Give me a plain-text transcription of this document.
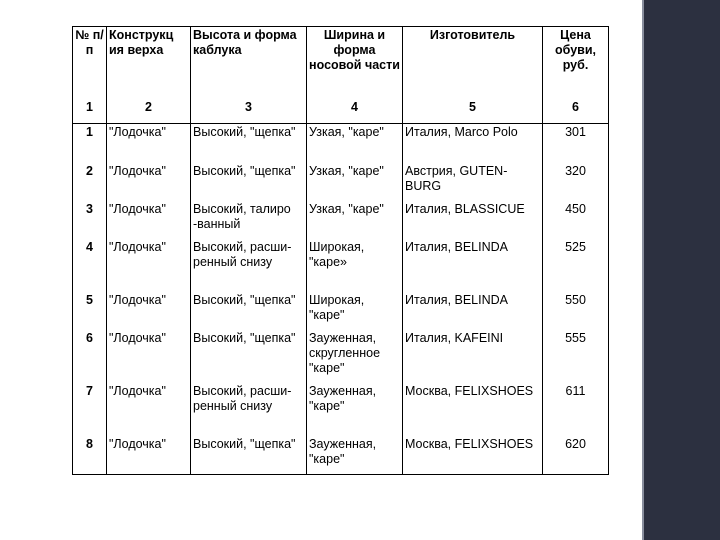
№ п/п	Конструкц ия верха	Высота и форма каблука	Ширина и форма носовой части	Изготовитель	Цена обуви, руб.
1	2	3	4	5	6
1	"Лодочка"	Высокий, "щепка"	Узкая, "каре"	Италия, Marco Polo	301
2	"Лодочка"	Высокий, "щепка"	Узкая, "каре"	Австрия, GUTEN-BURG	320
3	"Лодочка"	Высокий, талиро -ванный	Узкая, "каре"	Италия, BLASSICUE	450
4	"Лодочка"	Высокий, расши-ренный снизу	Широкая, "каре»	Италия, BELINDA	525
5	"Лодочка"	Высокий, "щепка"	Широкая, "каре"	Италия, BELINDA	550
6	"Лодочка"	Высокий, "щепка"	Зауженная, скругленное "каре"	Италия, KAFEINI	555
7	"Лодочка"	Высокий, расши-ренный снизу	Зауженная, "каре"	Москва, FELIXSHOES	611
8	"Лодочка"	Высокий, "щепка"	Зауженная, "каре"	Москва, FELIXSHOES	620
